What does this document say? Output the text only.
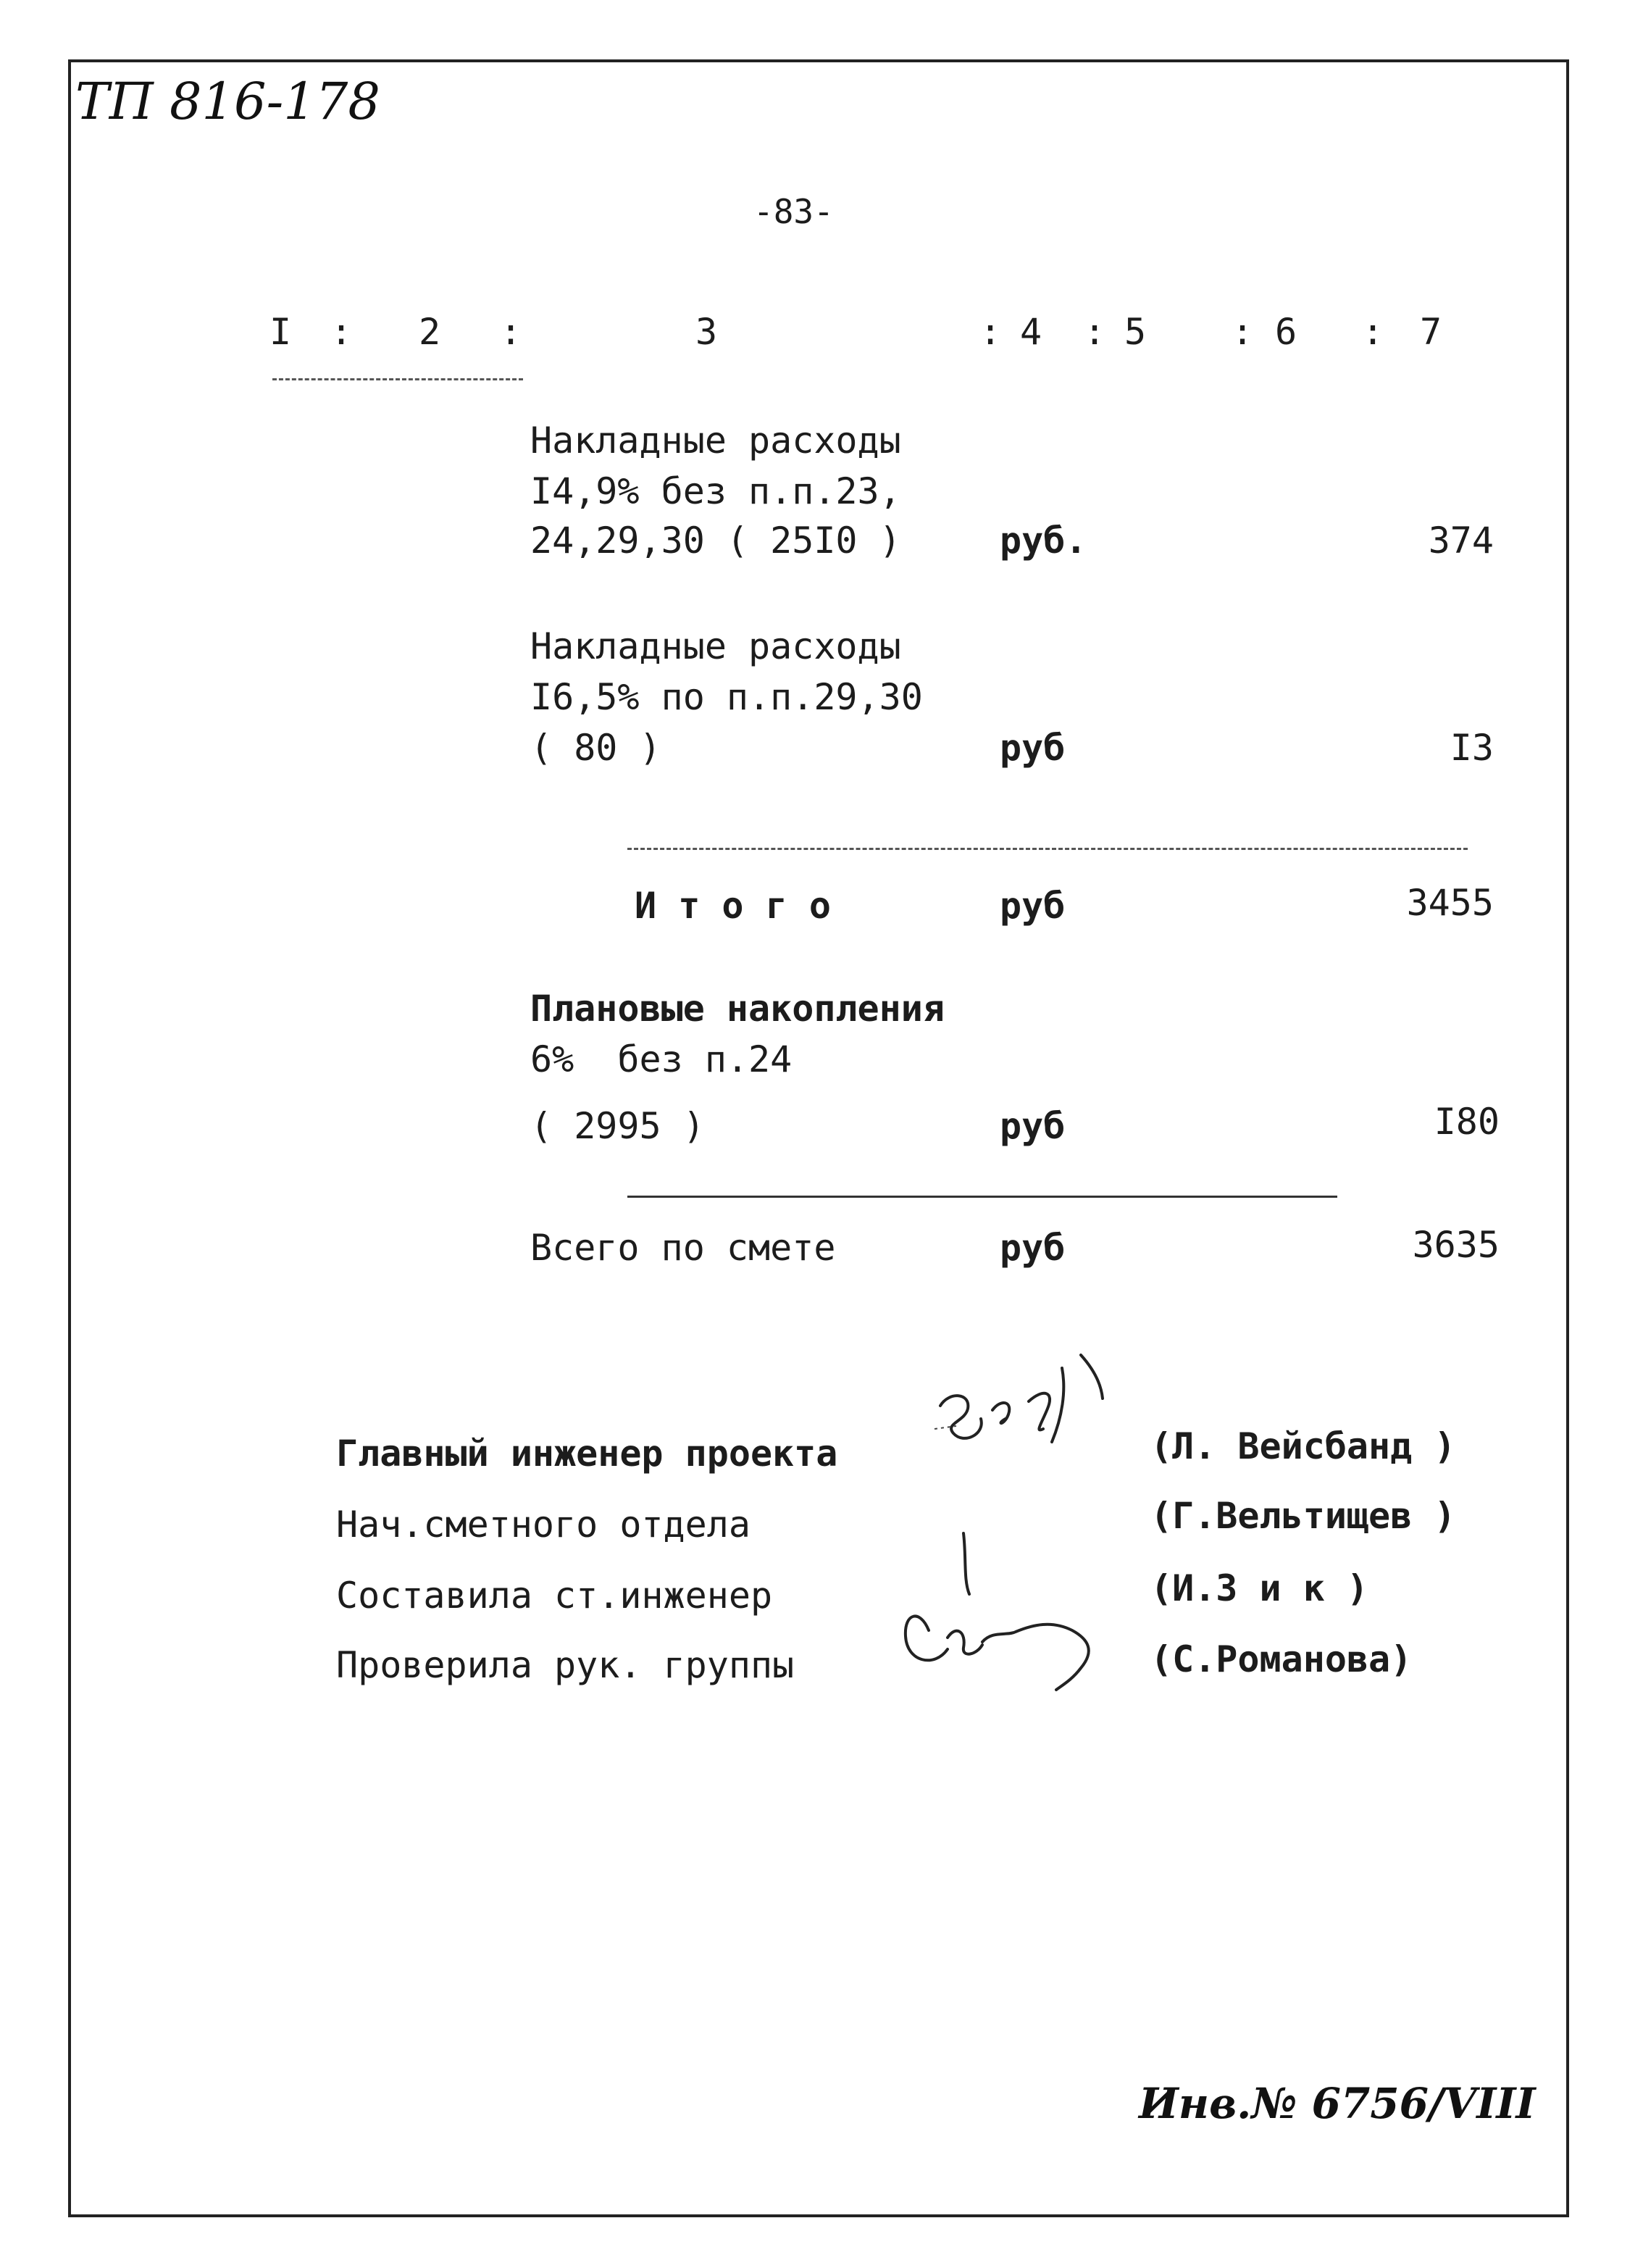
ТП 816-178
-83-
I : 2 :	3	: 4 : 5 : 6 : 7
Накладные расходы
I4,9% без п.п.23,
24,29,30 ( 25I0 )	руб.	374
Накладные расходы
I6,5% по п.п.29,30
( 80 )	руб	I3
И т о г о	руб	3455
Плановые накопления
6%  без п.24
( 2995 )	руб	I80
Всего по смете	руб	3635
Главный инженер проекта	(Л. Вейсбанд )
Нач.сметного отдела	(Г.Вельтищев )
Составила ст.инженер	(И.З и к )
Проверила рук. группы	(С.Романова)
Инв.№ 6756/VIII
